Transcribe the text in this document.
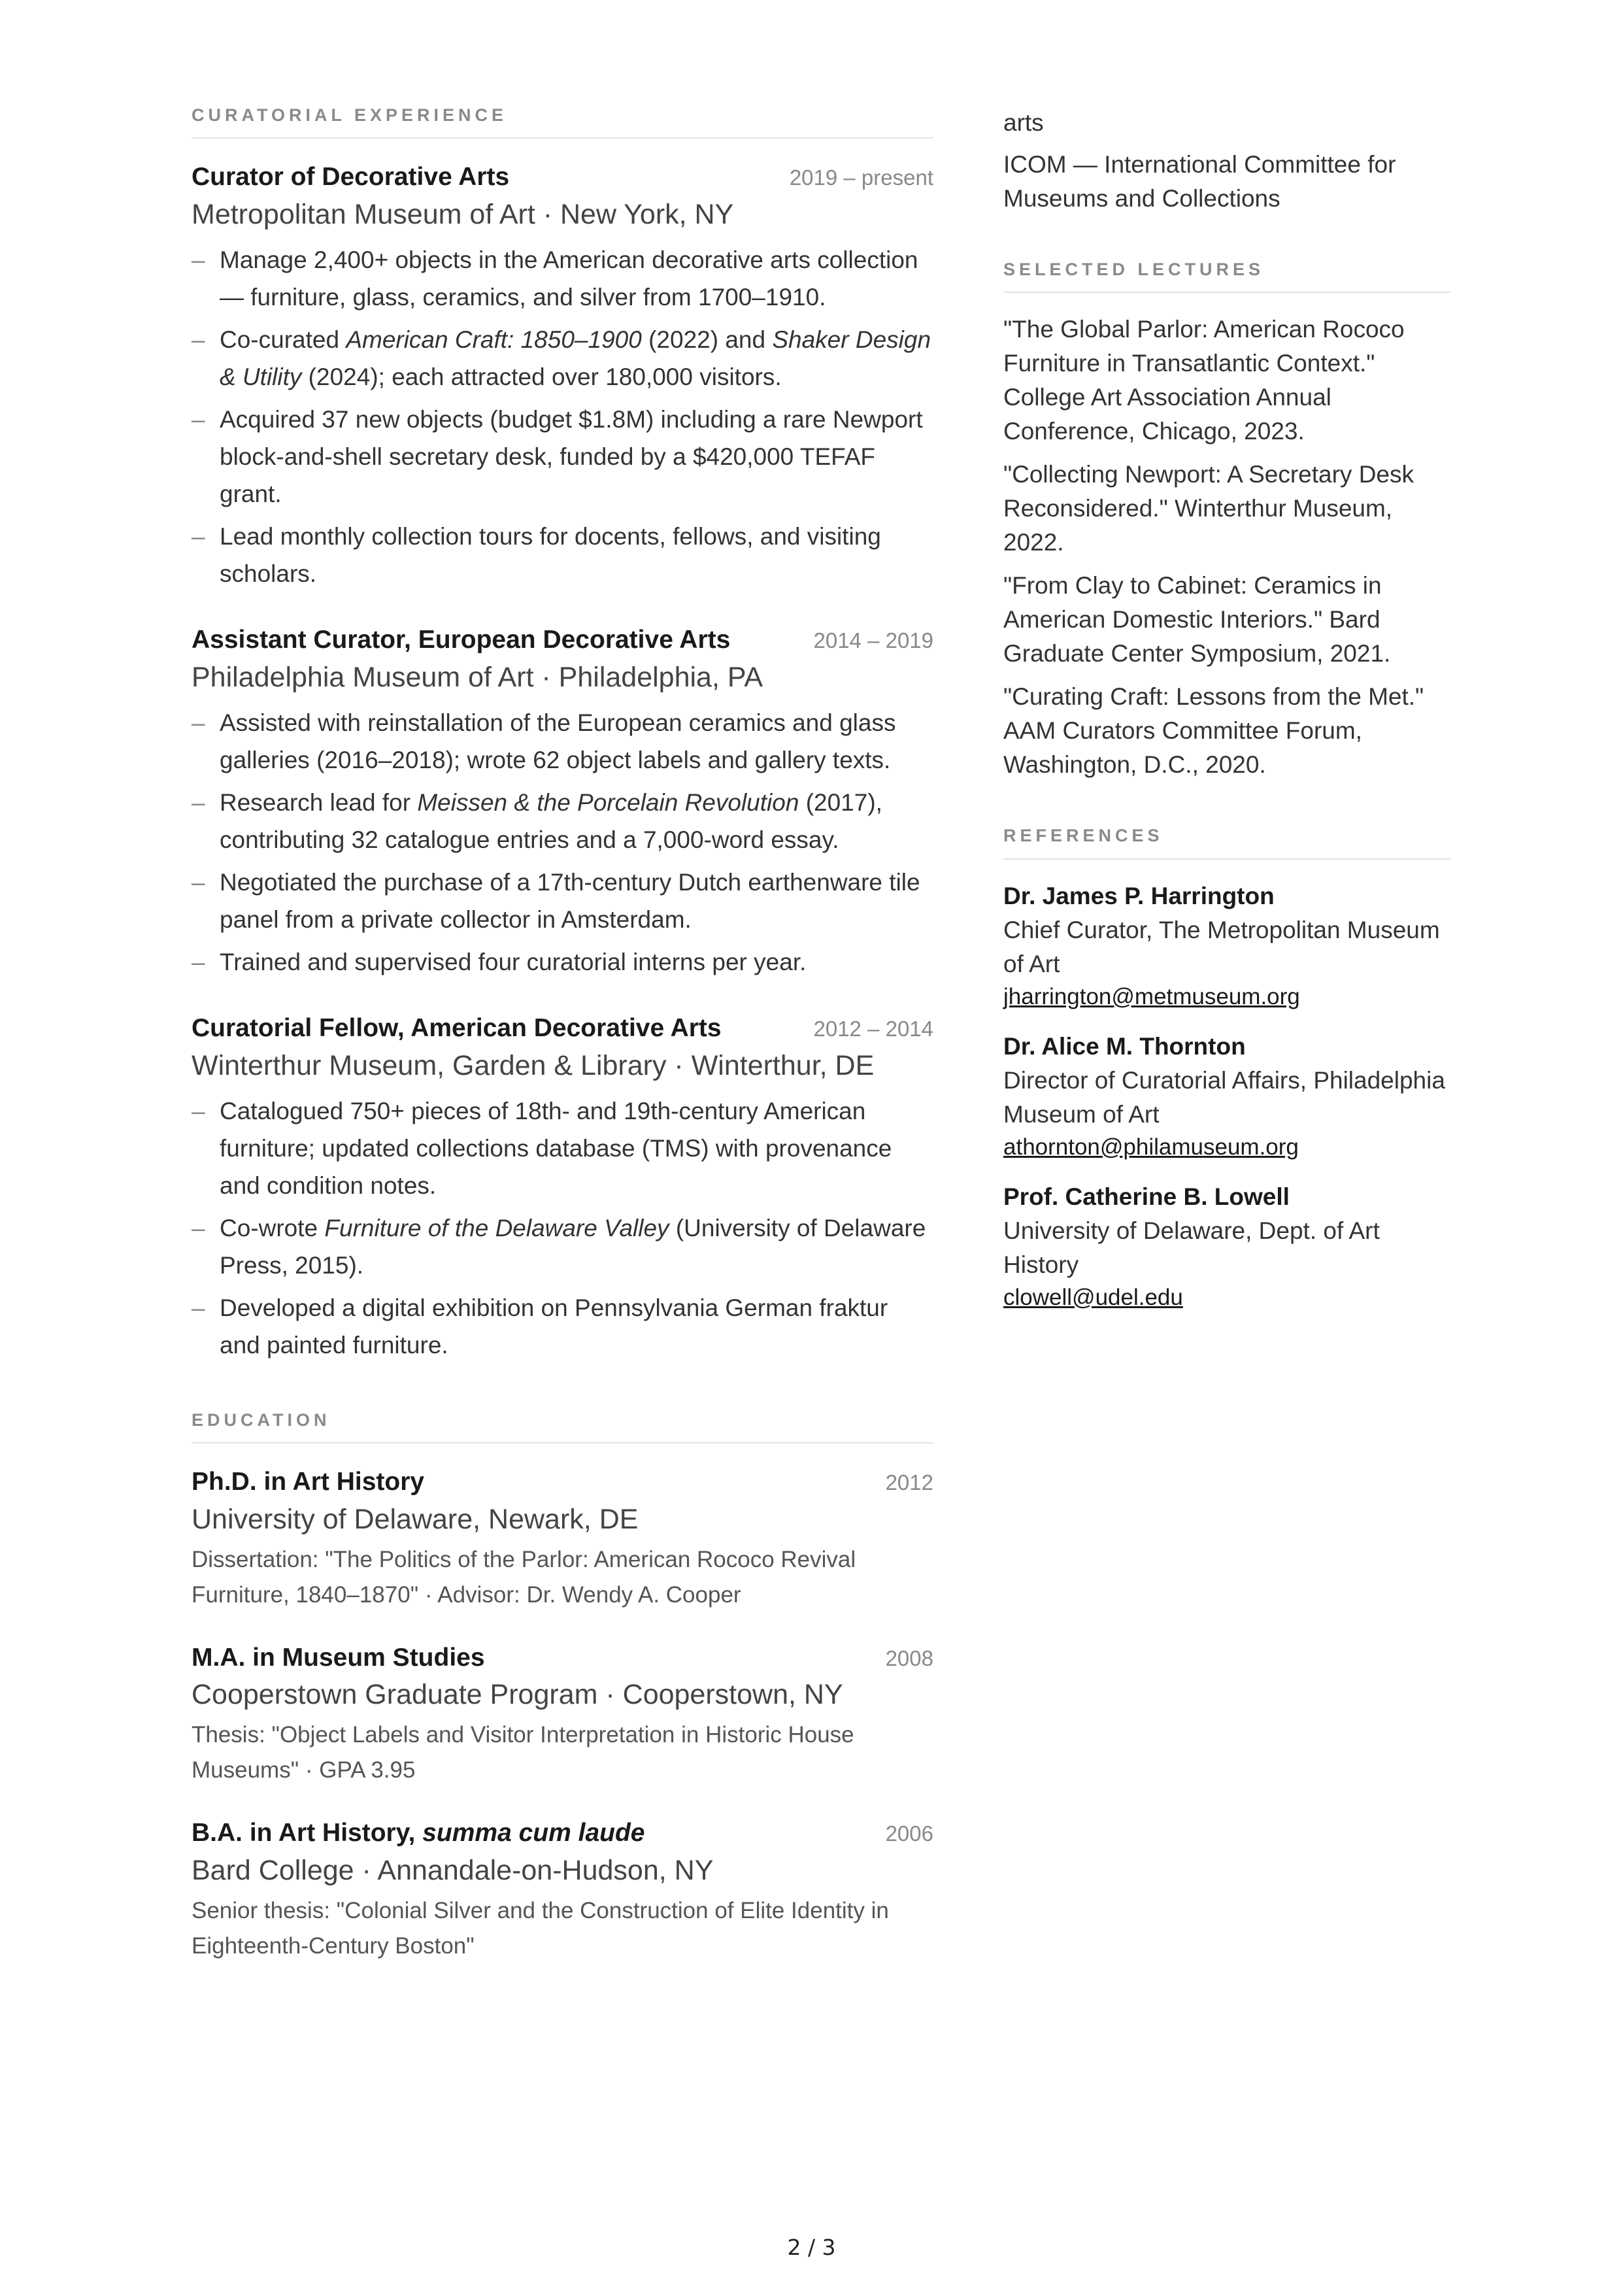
CURATORIAL EXPERIENCE
Curator of Decorative Arts	2019 – present
Metropolitan Museum of Art · New York, NY
– Manage 2,400+ objects in the American decorative arts collection — furniture, glass, ceramics, and silver from 1700–1910.
– Co-curated American Craft: 1850–1900 (2022) and Shaker Design & Utility (2024); each attracted over 180,000 visitors.
– Acquired 37 new objects (budget $1.8M) including a rare Newport block-and-shell secretary desk, funded by a $420,000 TEFAF grant.
– Lead monthly collection tours for docents, fellows, and visiting scholars.
Assistant Curator, European Decorative Arts	2014 – 2019
Philadelphia Museum of Art · Philadelphia, PA
– Assisted with reinstallation of the European ceramics and glass galleries (2016–2018); wrote 62 object labels and gallery texts.
– Research lead for Meissen & the Porcelain Revolution (2017), contributing 32 catalogue entries and a 7,000-word essay.
– Negotiated the purchase of a 17th-century Dutch earthenware tile panel from a private collector in Amsterdam.
– Trained and supervised four curatorial interns per year.
Curatorial Fellow, American Decorative Arts	2012 – 2014
Winterthur Museum, Garden & Library · Winterthur, DE
– Catalogued 750+ pieces of 18th- and 19th-century American furniture; updated collections database (TMS) with provenance and condition notes.
– Co-wrote Furniture of the Delaware Valley (University of Delaware Press, 2015).
– Developed a digital exhibition on Pennsylvania German fraktur and painted furniture.
EDUCATION
Ph.D. in Art History	2012
University of Delaware, Newark, DE
Dissertation: "The Politics of the Parlor: American Rococo Revival Furniture, 1840–1870" · Advisor: Dr. Wendy A. Cooper
M.A. in Museum Studies	2008
Cooperstown Graduate Program · Cooperstown, NY
Thesis: "Object Labels and Visitor Interpretation in Historic House Museums" · GPA 3.95
B.A. in Art History, summa cum laude	2006
Bard College · Annandale-on-Hudson, NY
Senior thesis: "Colonial Silver and the Construction of Elite Identity in Eighteenth-Century Boston"

arts

ICOM — International Committee for Museums and Collections

SELECTED LECTURES

"The Global Parlor: American Rococo Furniture in Transatlantic Context." College Art Association Annual Conference, Chicago, 2023.

"Collecting Newport: A Secretary Desk Reconsidered." Winterthur Museum, 2022.

"From Clay to Cabinet: Ceramics in American Domestic Interiors." Bard Graduate Center Symposium, 2021.

"Curating Craft: Lessons from the Met." AAM Curators Committee Forum, Washington, D.C., 2020.

REFERENCES
Dr. James P. Harrington
Chief Curator, The Metropolitan Museum of Art
jharrington@metmuseum.org
Dr. Alice M. Thornton
Director of Curatorial Affairs, Philadelphia Museum of Art
athornton@philamuseum.org
Prof. Catherine B. Lowell
University of Delaware, Dept. of Art History
clowell@udel.edu
2 / 3
